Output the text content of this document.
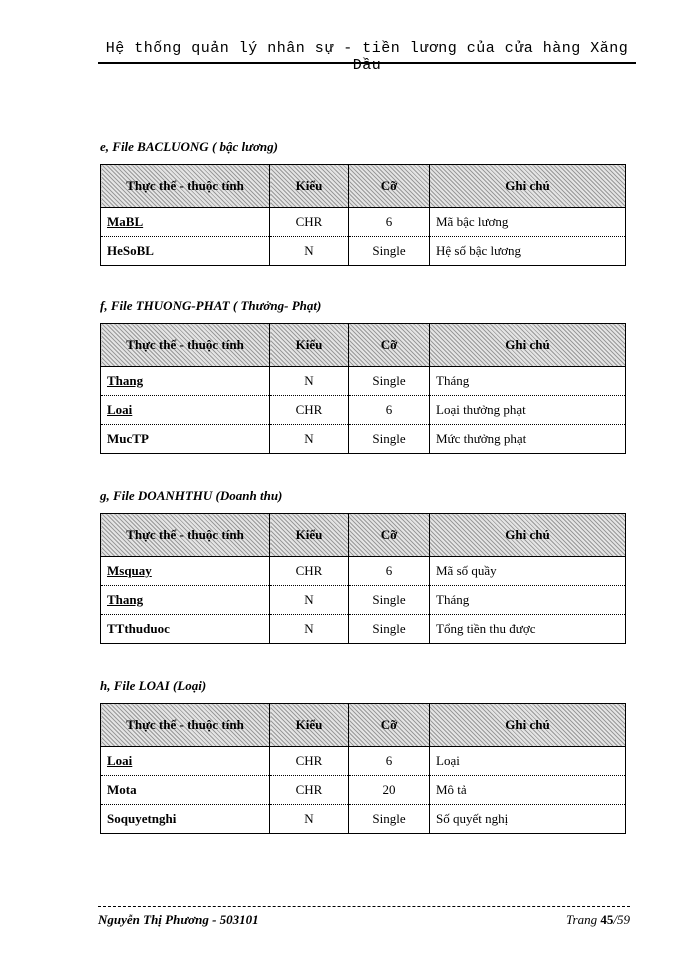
Hệ thống quản lý nhân sự - tiền lương của cửa hàng Xăng Dầu
e, File BACLUONG ( bậc lương)
Thực thể - thuộc tính	Kiểu	Cỡ	Ghi chú
MaBL	CHR	6	Mã bậc lương
HeSoBL	N	Single	Hệ số bậc lương
f, File THUONG-PHAT ( Thưởng- Phạt)
Thực thể - thuộc tính	Kiểu	Cỡ	Ghi chú
Thang	N	Single	Tháng
Loai	CHR	6	Loại thưởng phạt
MucTP	N	Single	Mức thưởng phạt
g, File DOANHTHU (Doanh thu)
Thực thể - thuộc tính	Kiểu	Cỡ	Ghi chú
Msquay	CHR	6	Mã số quầy
Thang	N	Single	Tháng
TTthuduoc	N	Single	Tổng tiền thu được
h, File LOAI (Loại)
Thực thể - thuộc tính	Kiểu	Cỡ	Ghi chú
Loai	CHR	6	Loại
Mota	CHR	20	Mô tả
Soquyetnghi	N	Single	Số quyết nghị
Nguyễn Thị Phương - 503101	Trang 45/59
